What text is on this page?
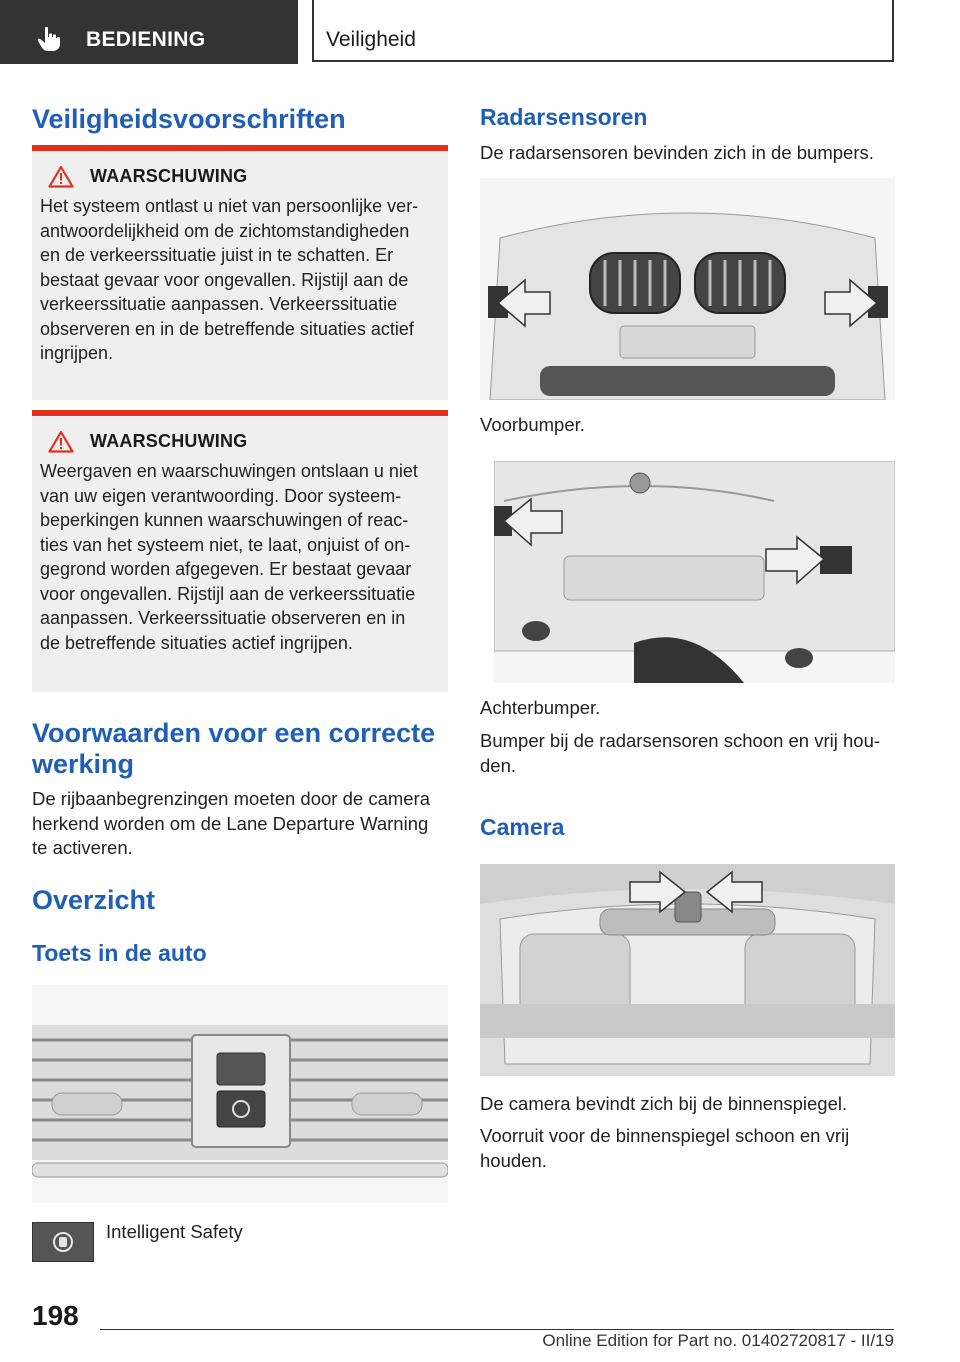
BEDIENING	Veiligheid
Veiligheidsvoorschriften
WAARSCHUWING
Het systeem ontlast u niet van persoonlijke ver-
antwoordelijkheid om de zichtomstandigheden
en de verkeerssituatie juist in te schatten. Er
bestaat gevaar voor ongevallen. Rijstijl aan de
verkeerssituatie aanpassen. Verkeerssituatie
observeren en in de betreffende situaties actief
ingrijpen.
WAARSCHUWING
Weergaven en waarschuwingen ontslaan u niet
van uw eigen verantwoording. Door systeem-
beperkingen kunnen waarschuwingen of reac-
ties van het systeem niet, te laat, onjuist of on-
gegrond worden afgegeven. Er bestaat gevaar
voor ongevallen. Rijstijl aan de verkeerssituatie
aanpassen. Verkeerssituatie observeren en in
de betreffende situaties actief ingrijpen.
Voorwaarden voor een correcte
werking
De rijbaanbegrenzingen moeten door de camera
herkend worden om de Lane Departure Warning
te activeren.
Overzicht
Toets in de auto
Intelligent Safety
Radarsensoren
De radarsensoren bevinden zich in de bumpers.
Voorbumper.
Achterbumper.
Bumper bij de radarsensoren schoon en vrij hou-
den.
Camera
De camera bevindt zich bij de binnenspiegel.
Voorruit voor de binnenspiegel schoon en vrij
houden.
198
Online Edition for Part no. 01402720817 - II/19
